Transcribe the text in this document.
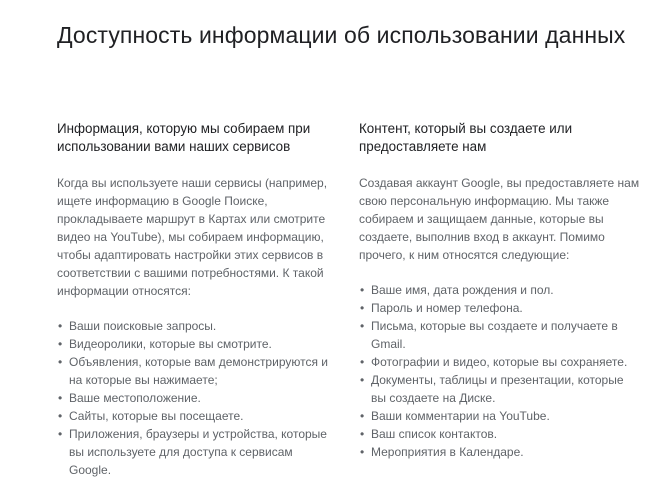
Доступность информации об использовании данных
Информация, которую мы собираем при
использовании вами наших сервисов
Когда вы используете наши сервисы (например,
ищете информацию в Google Поиске,
прокладываете маршрут в Картах или смотрите
видео на YouTube), мы собираем информацию,
чтобы адаптировать настройки этих сервисов в
соответствии с вашими потребностями. К такой
информации относятся:
• Ваши поисковые запросы.
• Видеоролики, которые вы смотрите.
• Объявления, которые вам демонстрируются и
на которые вы нажимаете;
• Ваше местоположение.
• Сайты, которые вы посещаете.
• Приложения, браузеры и устройства, которые
вы используете для доступа к сервисам
Google.
Контент, который вы создаете или
предоставляете нам
Создавая аккаунт Google, вы предоставляете нам
свою персональную информацию. Мы также
собираем и защищаем данные, которые вы
создаете, выполнив вход в аккаунт. Помимо
прочего, к ним относятся следующие:
• Ваше имя, дата рождения и пол.
• Пароль и номер телефона.
• Письма, которые вы создаете и получаете в
Gmail.
• Фотографии и видео, которые вы сохраняете.
• Документы, таблицы и презентации, которые
вы создаете на Диске.
• Ваши комментарии на YouTube.
• Ваш список контактов.
• Мероприятия в Календаре.
